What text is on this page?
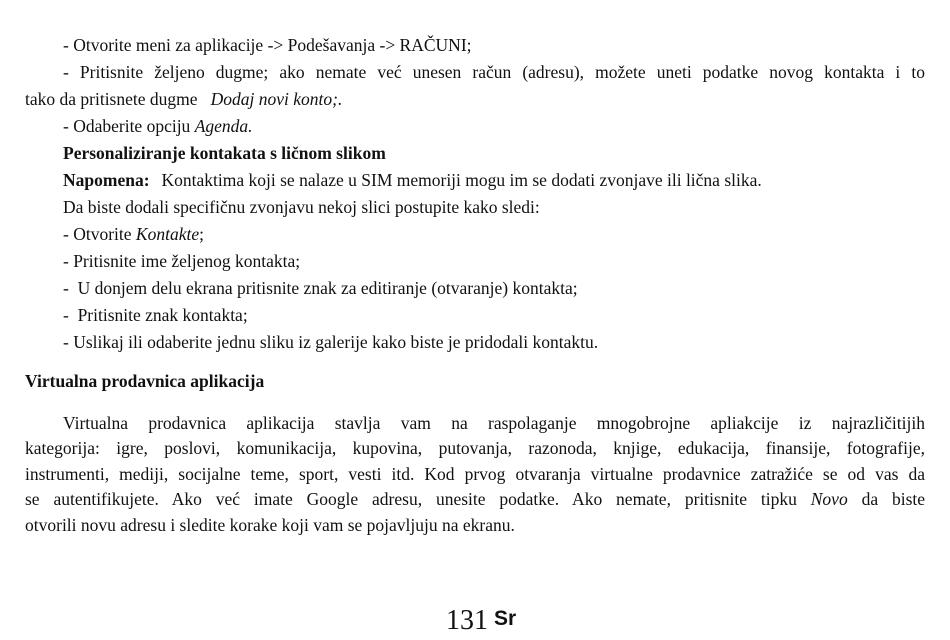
- Otvorite meni za aplikacije -> Podešavanja -> RAČUNI;
- Pritisnite željeno dugme; ako nemate već unesen račun (adresu), možete uneti podatke novog kontakta i to
tako da pritisnete dugme Dodaj novi konto;.
- Odaberite opciju Agenda.
Personaliziranje kontakata s ličnom slikom
Napomena: Kontaktima koji se nalaze u SIM memoriji mogu im se dodati zvonjave ili lična slika.
Da biste dodali specifičnu zvonjavu nekoj slici postupite kako sledi:
- Otvorite Kontakte;
- Pritisnite ime željenog kontakta;
-  U donjem delu ekrana pritisnite znak za editiranje (otvaranje) kontakta;
-  Pritisnite znak kontakta;
- Uslikaj ili odaberite jednu sliku iz galerije kako biste je pridodali kontaktu.
Virtualna prodavnica aplikacija
Virtualna prodavnica aplikacija stavlja vam na raspolaganje mnogobrojne apliakcije iz najrazličitijih
kategorija: igre, poslovi, komunikacija, kupovina, putovanja, razonoda, knjige, edukacija, finansije, fotografije,
instrumenti, mediji, socijalne teme, sport, vesti itd. Kod prvog otvaranja virtualne prodavnice zatražiće se od vas da
se autentifikujete. Ako već imate Google adresu, unesite podatke. Ako nemate, pritisnite tipku Novo da biste
otvorili novu adresu i sledite korake koji vam se pojavljuju na ekranu.
131 Sr
